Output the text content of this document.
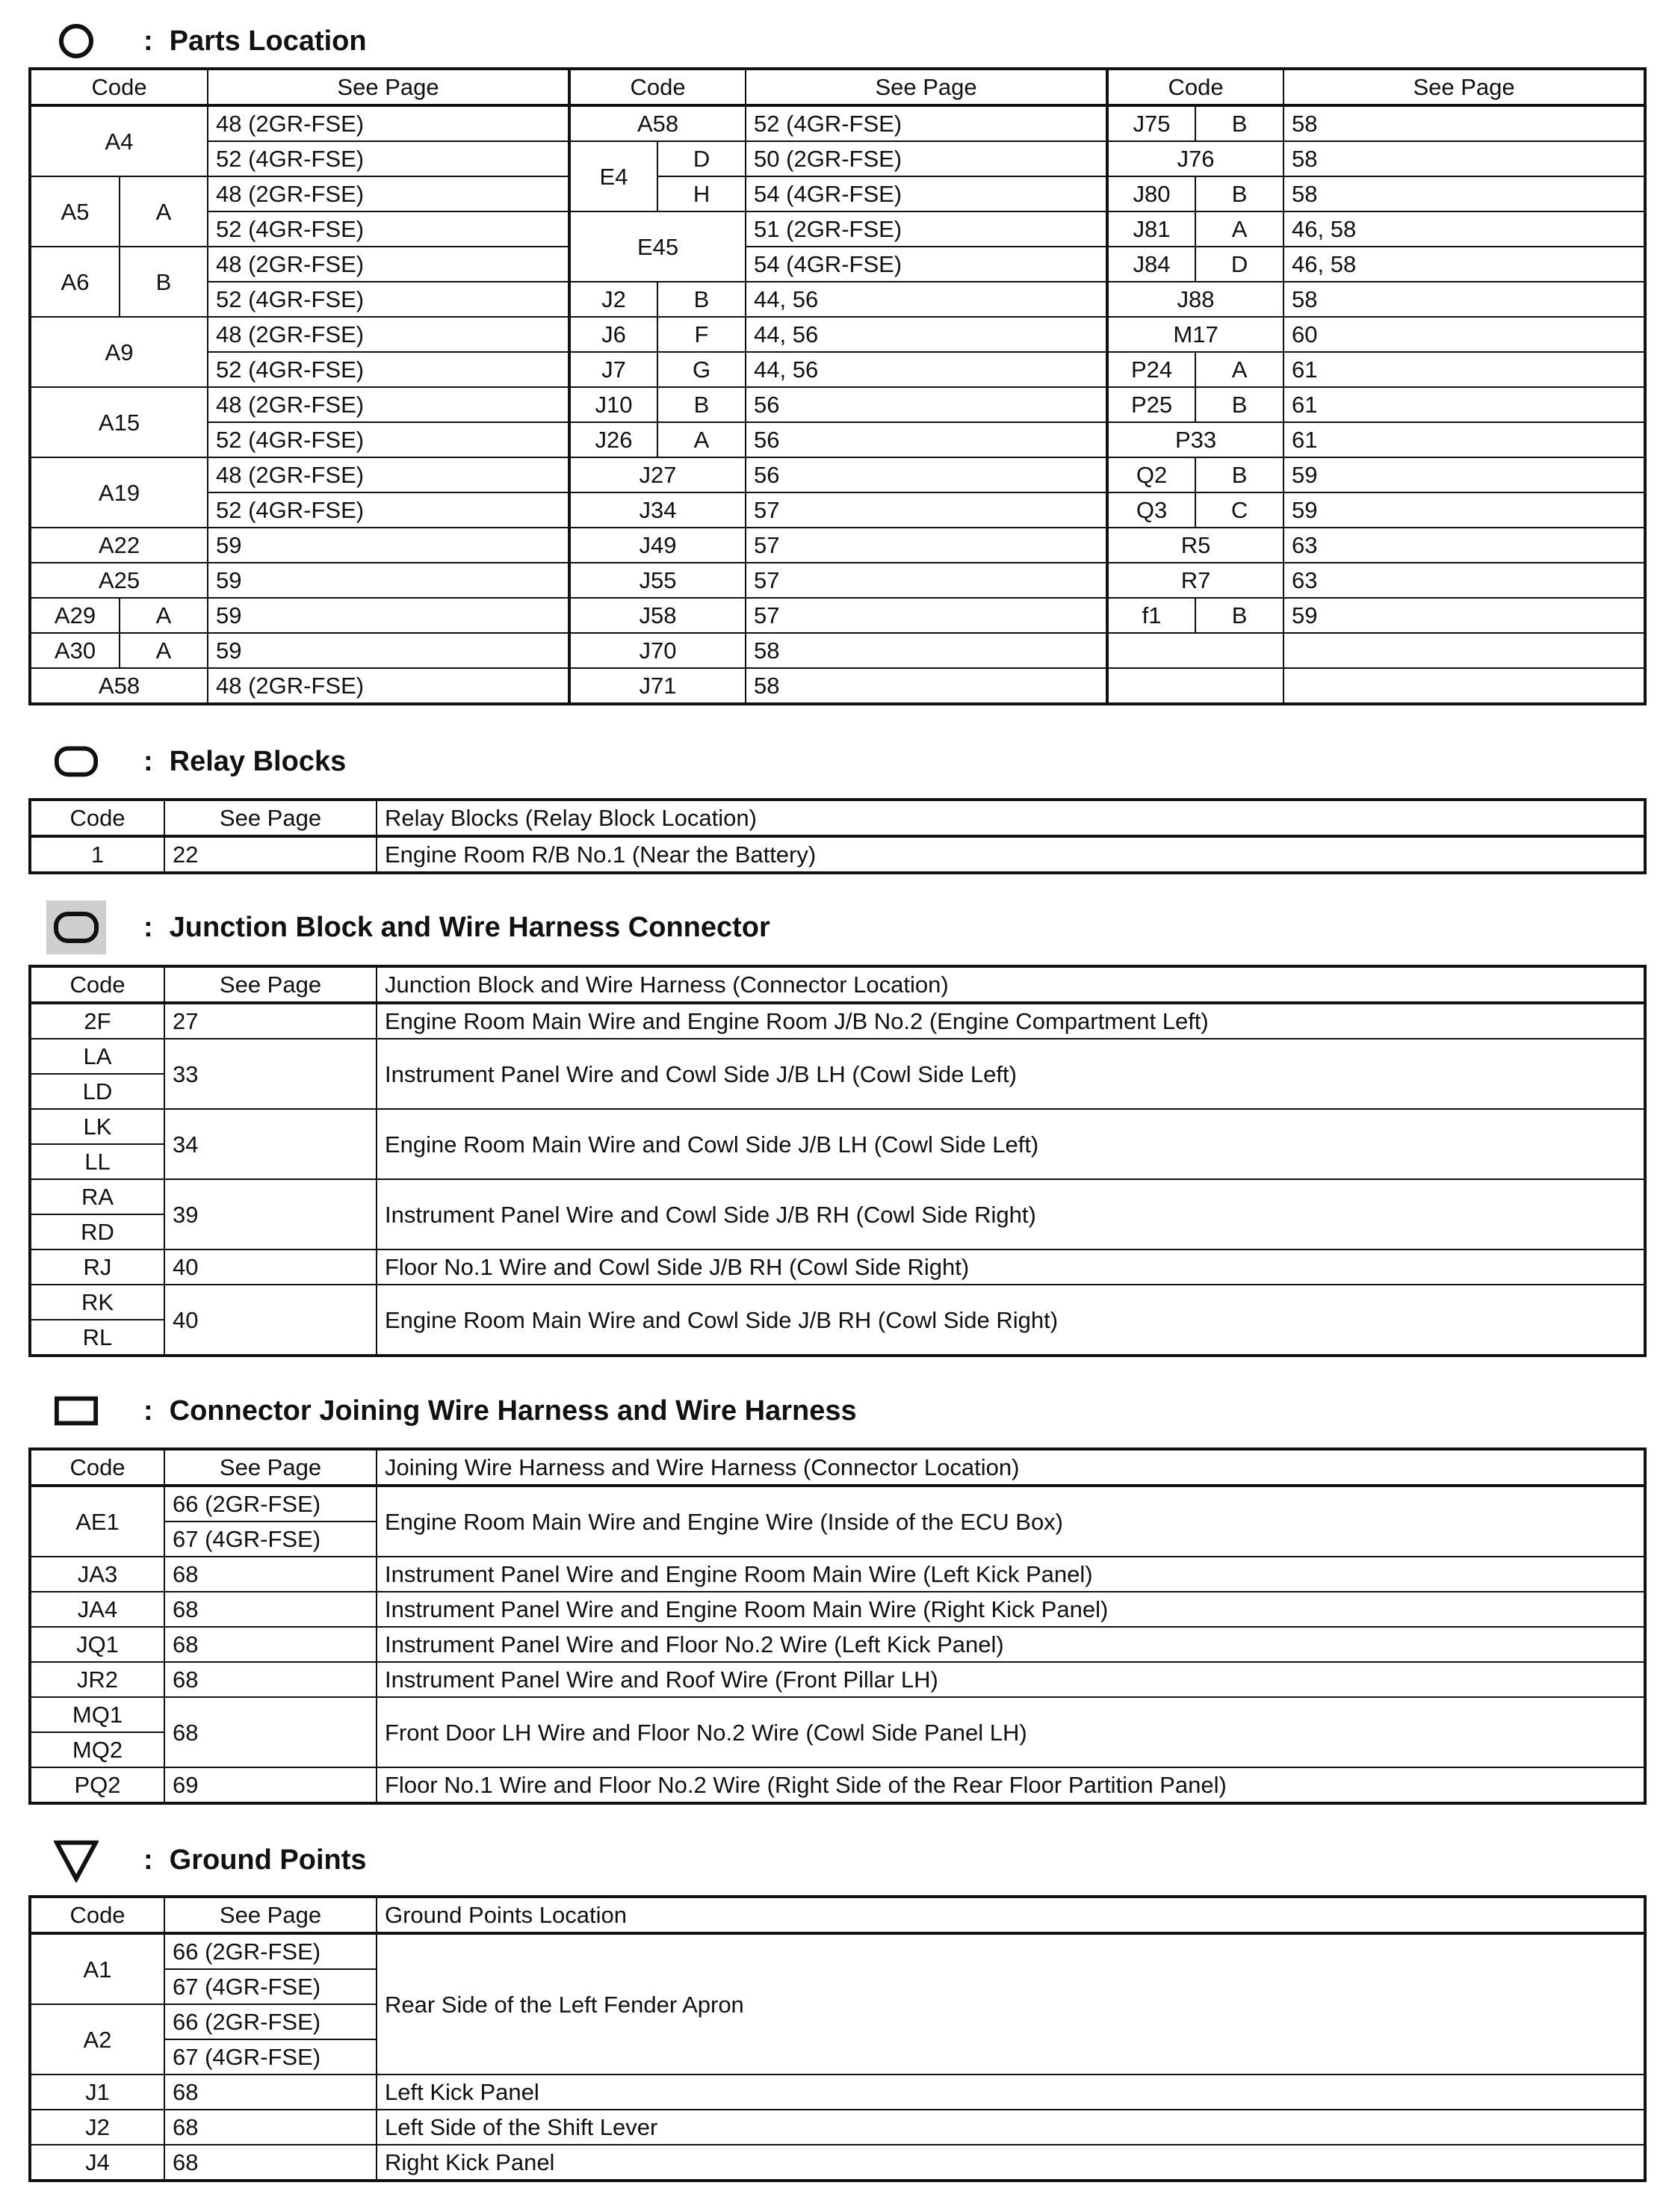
: Parts Location
Code		See Page	Code		See Page	Code		See Page
A4		48 (2GR-FSE)	A58		52 (4GR-FSE)	J75	B	58
		52 (4GR-FSE)	E4	D	50 (2GR-FSE)	J76		58
A5	A	48 (2GR-FSE)		H	54 (4GR-FSE)	J80	B	58
		52 (4GR-FSE)	E45		51 (2GR-FSE)	J81	A	46, 58
A6	B	48 (2GR-FSE)			54 (4GR-FSE)	J84	D	46, 58
		52 (4GR-FSE)	J2	B	44, 56	J88		58
A9		48 (2GR-FSE)	J6	F	44, 56	M17		60
		52 (4GR-FSE)	J7	G	44, 56	P24	A	61
A15		48 (2GR-FSE)	J10	B	56	P25	B	61
		52 (4GR-FSE)	J26	A	56	P33		61
A19		48 (2GR-FSE)	J27		56	Q2	B	59
		52 (4GR-FSE)	J34		57	Q3	C	59
A22		59	J49		57	R5		63
A25		59	J55		57	R7		63
A29	A	59	J58		57	f1	B	59
A30	A	59	J70		58			
A58		48 (2GR-FSE)	J71		58			
: Relay Blocks
Code	See Page	Relay Blocks (Relay Block Location)
1	22	Engine Room R/B No.1 (Near the Battery)
: Junction Block and Wire Harness Connector
Code	See Page	Junction Block and Wire Harness (Connector Location)
2F	27	Engine Room Main Wire and Engine Room J/B No.2 (Engine Compartment Left)
LA	33	Instrument Panel Wire and Cowl Side J/B LH (Cowl Side Left)
LD		
LK	34	Engine Room Main Wire and Cowl Side J/B LH (Cowl Side Left)
LL		
RA	39	Instrument Panel Wire and Cowl Side J/B RH (Cowl Side Right)
RD		
RJ	40	Floor No.1 Wire and Cowl Side J/B RH (Cowl Side Right)
RK	40	Engine Room Main Wire and Cowl Side J/B RH (Cowl Side Right)
RL		
: Connector Joining Wire Harness and Wire Harness
Code	See Page	Joining Wire Harness and Wire Harness (Connector Location)
AE1	66 (2GR-FSE)	Engine Room Main Wire and Engine Wire (Inside of the ECU Box)
	67 (4GR-FSE)	
JA3	68	Instrument Panel Wire and Engine Room Main Wire (Left Kick Panel)
JA4	68	Instrument Panel Wire and Engine Room Main Wire (Right Kick Panel)
JQ1	68	Instrument Panel Wire and Floor No.2 Wire (Left Kick Panel)
JR2	68	Instrument Panel Wire and Roof Wire (Front Pillar LH)
MQ1	68	Front Door LH Wire and Floor No.2 Wire (Cowl Side Panel LH)
MQ2		
PQ2	69	Floor No.1 Wire and Floor No.2 Wire (Right Side of the Rear Floor Partition Panel)
: Ground Points
Code	See Page	Ground Points Location
A1	66 (2GR-FSE)	Rear Side of the Left Fender Apron
	67 (4GR-FSE)	
A2	66 (2GR-FSE)	
	67 (4GR-FSE)	
J1	68	Left Kick Panel
J2	68	Left Side of the Shift Lever
J4	68	Right Kick Panel
